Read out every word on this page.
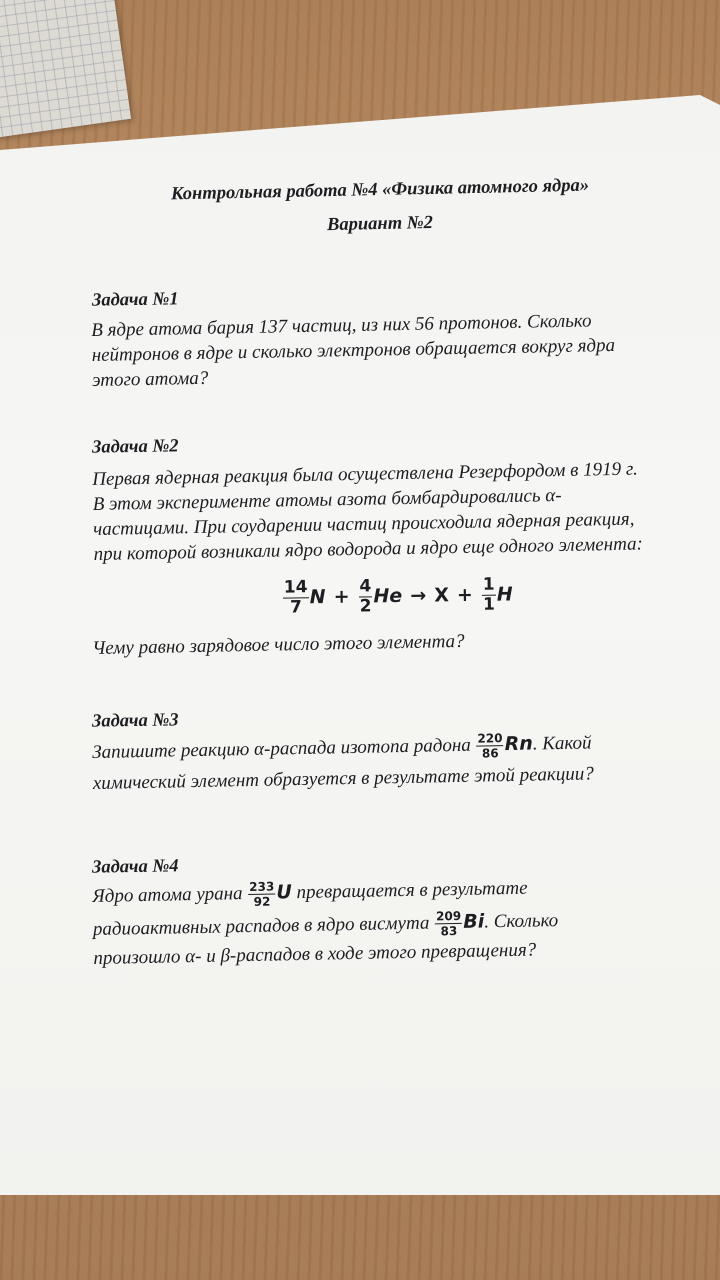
Контрольная работа №4 «Физика атомного ядра»
Вариант №2
Задача №1
В ядре атома бария 137 частиц, из них 56 протонов. Сколько
нейтронов в ядре и сколько электронов обращается вокруг ядра
этого атома?
Задача №2
Первая ядерная реакция была осуществлена Резерфордом в 1919 г.
В этом эксперименте атомы азота бомбардировались α-
частицами. При соударении частиц происходила ядерная реакция,
при которой возникали ядро водорода и ядро еще одного элемента:
$\frac{14}{7}$ $N + \frac{4}{2}$ $He \to X + \frac{1}{1}$ H
Чему равно зарядовое число этого элемента?
Задача №3
Запишите реакцию α-распада изотопа радона $\frac{220}{86} Rn$. Какой
химический элемент образуется в результате этой реакции?
Задача №4
Ядро атома урана $\frac{233}{92}$ U превращается в результате
радиоактивных распадов в ядро висмута $\frac{209}{83} Bi$. Сколько
произошло α- и β-распадов в ходе этого превращения?
